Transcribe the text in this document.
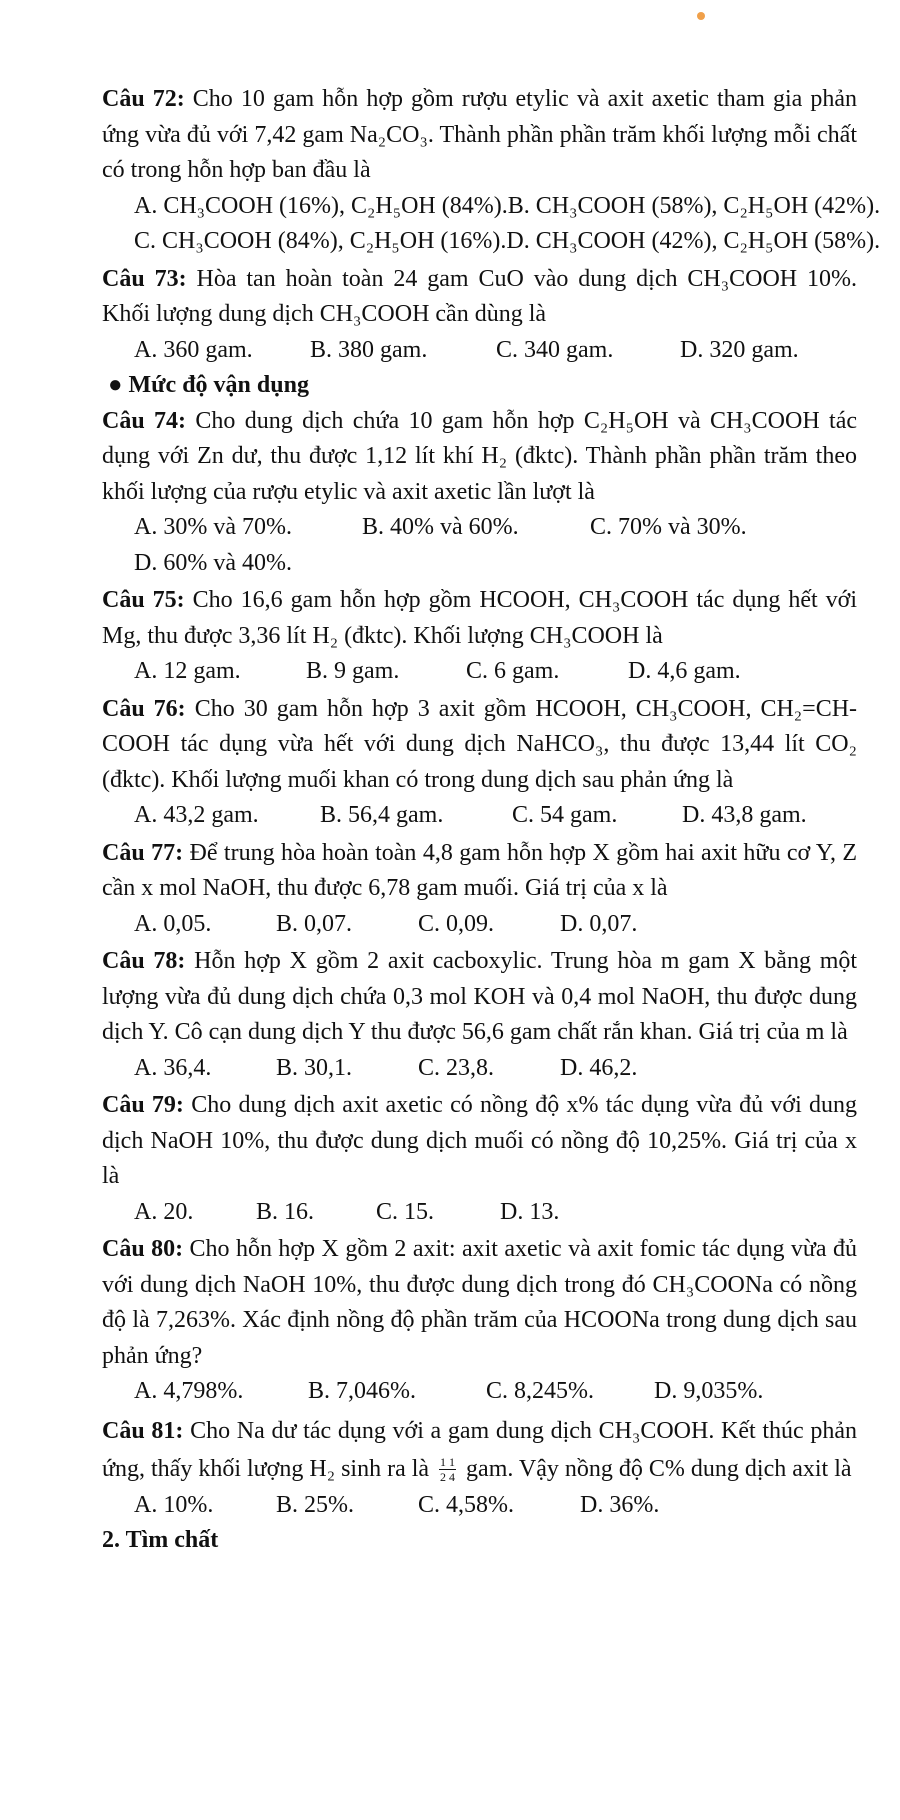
Câu 72: Cho 10 gam hỗn hợp gồm rượu etylic và axit axetic tham gia phản ứng vừa đủ với 7,42 gam Na₂CO₃. Thành phần phần trăm khối lượng mỗi chất có trong hỗn hợp ban đầu là
A. CH₃COOH (16%), C₂H₅OH (84%). B. CH₃COOH (58%), C₂H₅OH (42%).
C. CH₃COOH (84%), C₂H₅OH (16%). D. CH₃COOH (42%), C₂H₅OH (58%).
Câu 73: Hòa tan hoàn toàn 24 gam CuO vào dung dịch CH₃COOH 10%. Khối lượng dung dịch CH₃COOH cần dùng là
A. 360 gam.	B. 380 gam.	C. 340 gam.	D. 320 gam.
● Mức độ vận dụng
Câu 74: Cho dung dịch chứa 10 gam hỗn hợp C₂H₅OH và CH₃COOH tác dụng với Zn dư, thu được 1,12 lít khí H₂ (đktc). Thành phần phần trăm theo khối lượng của rượu etylic và axit axetic lần lượt là
A. 30% và 70%.	B. 40% và 60%.	C. 70% và 30%.
D. 60% và 40%.
Câu 75: Cho 16,6 gam hỗn hợp gồm HCOOH, CH₃COOH tác dụng hết với Mg, thu được 3,36 lít H₂ (đktc). Khối lượng CH₃COOH là
A. 12 gam.	B. 9 gam.	C. 6 gam.	D. 4,6 gam.
Câu 76: Cho 30 gam hỗn hợp 3 axit gồm HCOOH, CH₃COOH, CH₂=CH-COOH tác dụng vừa hết với dung dịch NaHCO₃, thu được 13,44 lít CO₂ (đktc). Khối lượng muối khan có trong dung dịch sau phản ứng là
A. 43,2 gam.	B. 56,4 gam.	C. 54 gam.	D. 43,8 gam.
Câu 77: Để trung hòa hoàn toàn 4,8 gam hỗn hợp X gồm hai axit hữu cơ Y, Z cần x mol NaOH, thu được 6,78 gam muối. Giá trị của x là
A. 0,05.	B. 0,07.	C. 0,09.	D. 0,07.
Câu 78: Hỗn hợp X gồm 2 axit cacboxylic. Trung hòa m gam X bằng một lượng vừa đủ dung dịch chứa 0,3 mol KOH và 0,4 mol NaOH, thu được dung dịch Y. Cô cạn dung dịch Y thu được 56,6 gam chất rắn khan. Giá trị của m là
A. 36,4.	B. 30,1.	C. 23,8.	D. 46,2.
Câu 79: Cho dung dịch axit axetic có nồng độ x% tác dụng vừa đủ với dung dịch NaOH 10%, thu được dung dịch muối có nồng độ 10,25%. Giá trị của x là
A. 20.	B. 16.	C. 15.	D. 13.
Câu 80: Cho hỗn hợp X gồm 2 axit: axit axetic và axit fomic tác dụng vừa đủ với dung dịch NaOH 10%, thu được dung dịch trong đó CH₃COONa có nồng độ là 7,263%. Xác định nồng độ phần trăm của HCOONa trong dung dịch sau phản ứng?
A. 4,798%.	B. 7,046%.	C. 8,245%.	D. 9,035%.
Câu 81: Cho Na dư tác dụng với a gam dung dịch CH₃COOH. Kết thúc phản ứng, thấy khối lượng H₂ sinh ra là $\frac{1 1}{2 4}$ gam. Vậy nồng độ C% dung dịch axit là
A. 10%.	B. 25%.	C. 4,58%.	D. 36%.
2. Tìm chất
